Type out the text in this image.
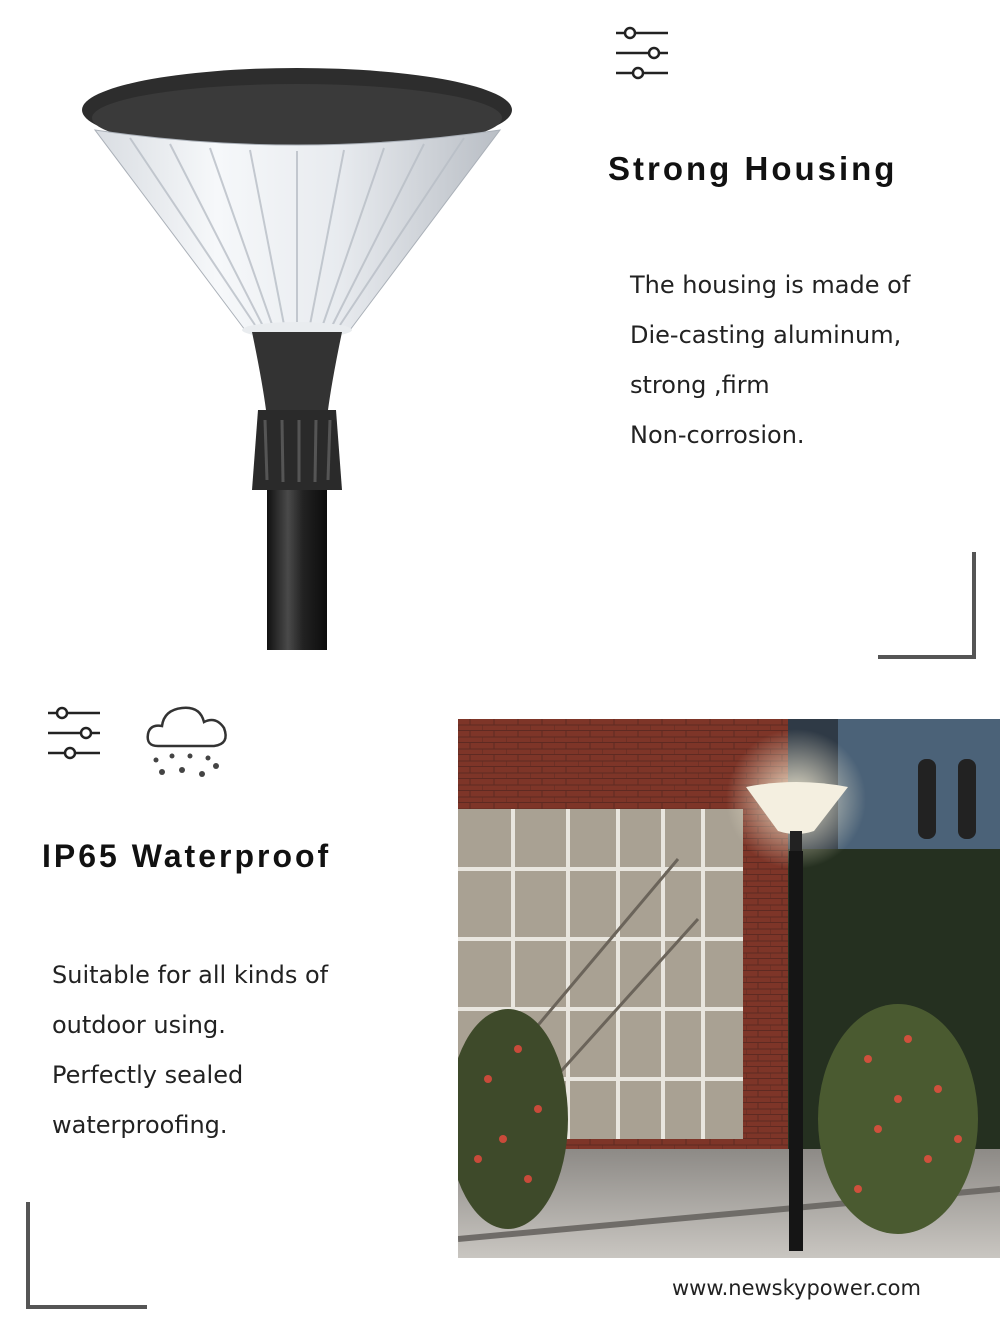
Strong Housing
The housing is made of
Die-casting aluminum,
strong ,firm
Non-corrosion.
IP65 Waterproof
Suitable for all kinds of
outdoor using.
Perfectly sealed
waterproofing.
www.newskypower.com
